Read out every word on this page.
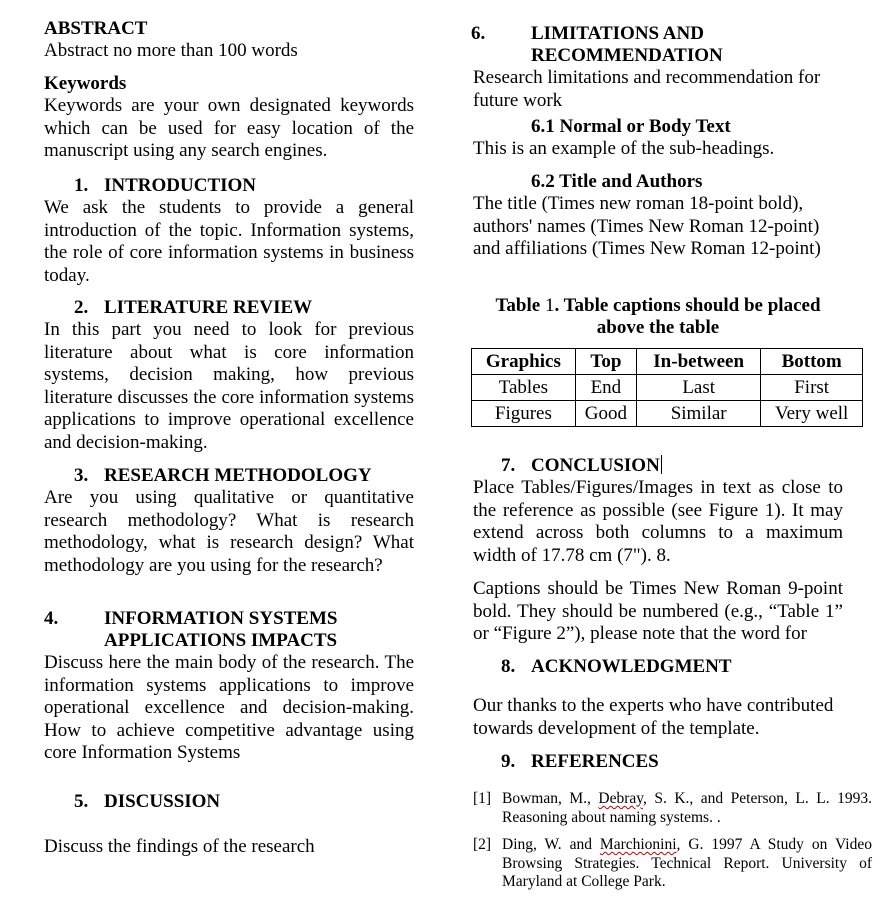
ABSTRACT
Abstract no more than 100 words
Keywords
Keywords are your own designated keywords which can be used for easy location of the manuscript using any search engines.
1. INTRODUCTION
We ask the students to provide a general introduction of the topic. Information systems, the role of core information systems in business today.
2. LITERATURE REVIEW
In this part you need to look for previous literature about what is core information systems, decision making, how previous literature discusses the core information systems applications to improve operational excellence and decision-making.
3. RESEARCH METHODOLOGY
Are you using qualitative or quantitative research methodology? What is research methodology, what is research design? What methodology are you using for the research?
4. INFORMATION SYSTEMS APPLICATIONS IMPACTS
Discuss here the main body of the research. The information systems applications to improve operational excellence and decision-making. How to achieve competitive advantage using core Information Systems
5. DISCUSSION
Discuss the findings of the research
6. LIMITATIONS AND RECOMMENDATION
Research limitations and recommendation for future work
6.1 Normal or Body Text
This is an example of the sub-headings.
6.2 Title and Authors
The title (Times new roman 18-point bold), authors' names (Times New Roman 12-point) and affiliations (Times New Roman 12-point)
Table 1. Table captions should be placed above the table
Graphics	Top	In-between	Bottom
Tables	End	Last	First
Figures	Good	Similar	Very well
7. CONCLUSION
Place Tables/Figures/Images in text as close to the reference as possible (see Figure 1). It may extend across both columns to a maximum width of 17.78 cm (7"). 8.
Captions should be Times New Roman 9-point bold. They should be numbered (e.g., “Table 1” or “Figure 2”), please note that the word for
8. ACKNOWLEDGMENT
Our thanks to the experts who have contributed towards development of the template.
9. REFERENCES
[1] Bowman, M., Debray, S. K., and Peterson, L. L. 1993. Reasoning about naming systems. .
[2] Ding, W. and Marchionini, G. 1997 A Study on Video Browsing Strategies. Technical Report. University of Maryland at College Park.
